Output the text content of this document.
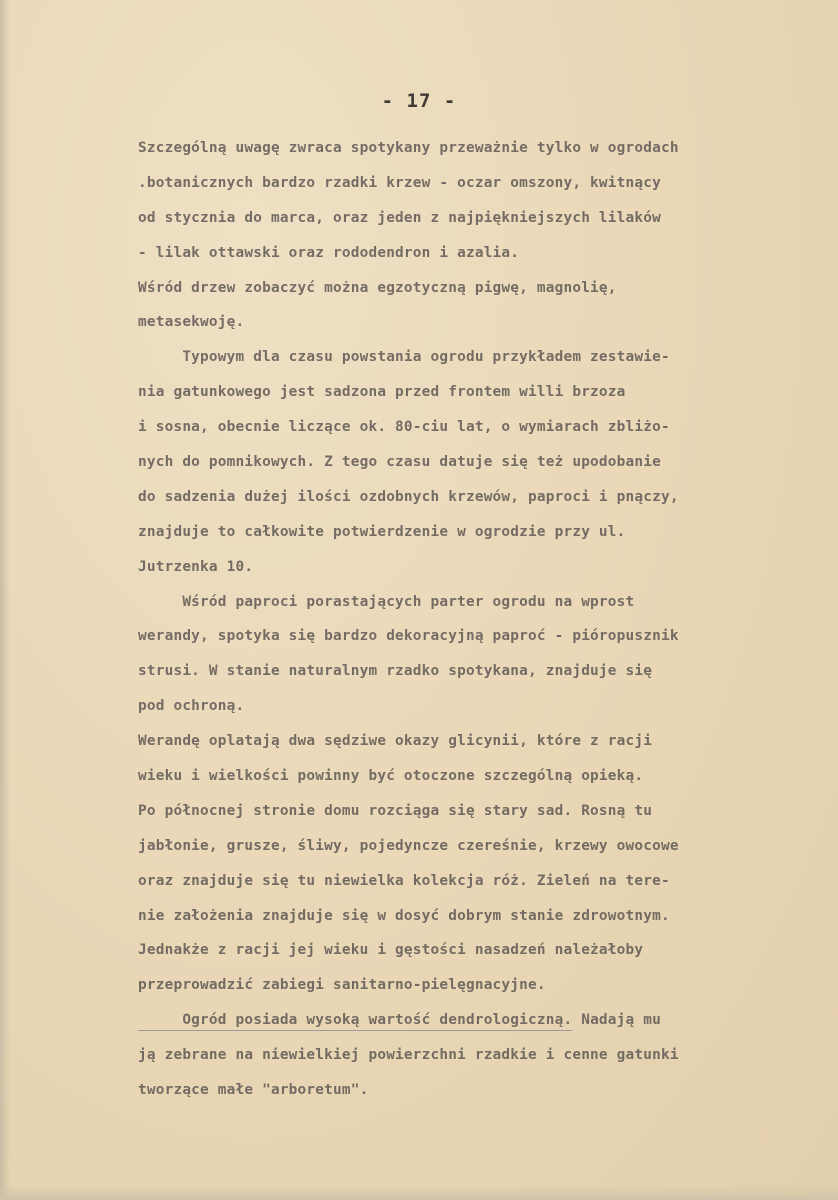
- 17 -
Szczególną uwagę zwraca spotykany przeważnie tylko w ogrodach
.botanicznych bardzo rzadki krzew - oczar omszony, kwitnący
od stycznia do marca, oraz jeden z najpiękniejszych lilaków
- lilak ottawski oraz rododendron i azalia.
Wśród drzew zobaczyć można egzotyczną pigwę, magnolię,
metasekwoję.
Typowym dla czasu powstania ogrodu przykładem zestawie-
nia gatunkowego jest sadzona przed frontem willi brzoza
i sosna, obecnie liczące ok. 80-ciu lat, o wymiarach zbliżo-
nych do pomnikowych. Z tego czasu datuje się też upodobanie
do sadzenia dużej ilości ozdobnych krzewów, paproci i pnączy,
znajduje to całkowite potwierdzenie w ogrodzie przy ul.
Jutrzenka 10.
Wśród paproci porastających parter ogrodu na wprost
werandy, spotyka się bardzo dekoracyjną paproć - pióropusznik
strusi. W stanie naturalnym rzadko spotykana, znajduje się
pod ochroną.
Werandę oplatają dwa sędziwe okazy glicynii, które z racji
wieku i wielkości powinny być otoczone szczególną opieką.
Po północnej stronie domu rozciąga się stary sad. Rosną tu
jabłonie, grusze, śliwy, pojedyncze czereśnie, krzewy owocowe
oraz znajduje się tu niewielka kolekcja róż. Zieleń na tere-
nie założenia znajduje się w dosyć dobrym stanie zdrowotnym.
Jednakże z racji jej wieku i gęstości nasadzeń należałoby
przeprowadzić zabiegi sanitarno-pielęgnacyjne.
Ogród posiada wysoką wartość dendrologiczną. Nadają mu
ją zebrane na niewielkiej powierzchni rzadkie i cenne gatunki
tworzące małe "arboretum".
